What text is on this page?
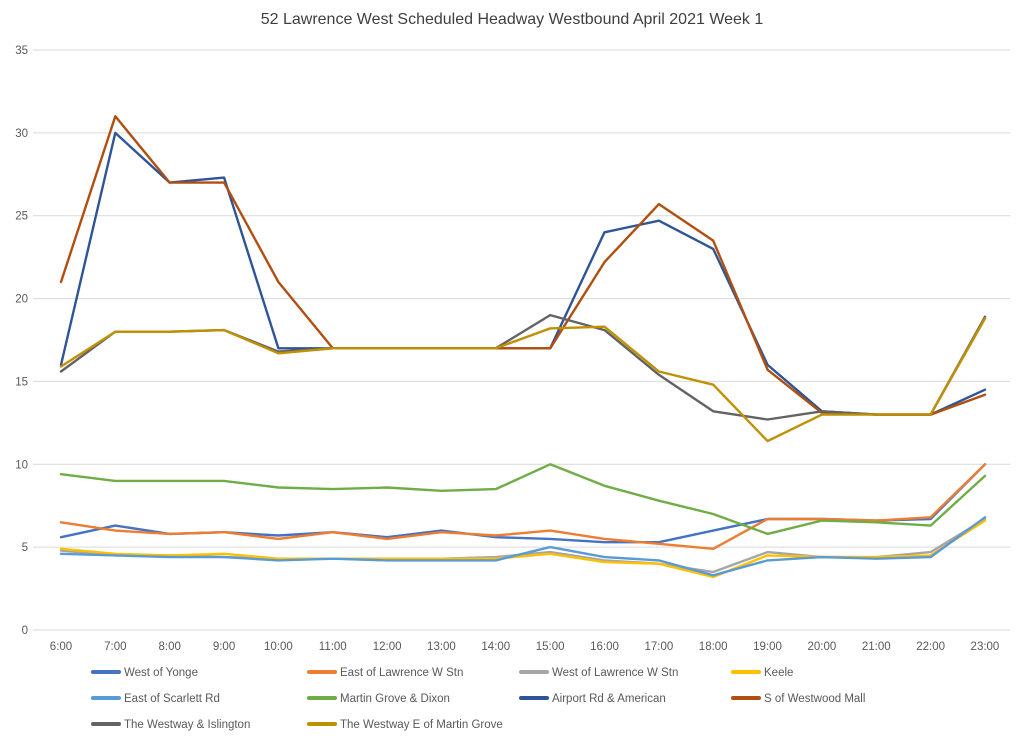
52 Lawrence West Scheduled Headway Westbound April 2021 Week 1
0
5
10
15
20
25
30
35
6:00	7:00	8:00	9:00	10:00 11:00 12:00 13:00 14:00 15:00 16:00 17:00 18:00 19:00 20:00 21:00 22:00 23:00
West of Yonge	East of Lawrence W Stn	West of Lawrence W Stn	Keele
East of Scarlett Rd	Martin Grove & Dixon	Airport Rd & American	S of Westwood Mall
The Westway & Islington	The Westway E of Martin Grove
